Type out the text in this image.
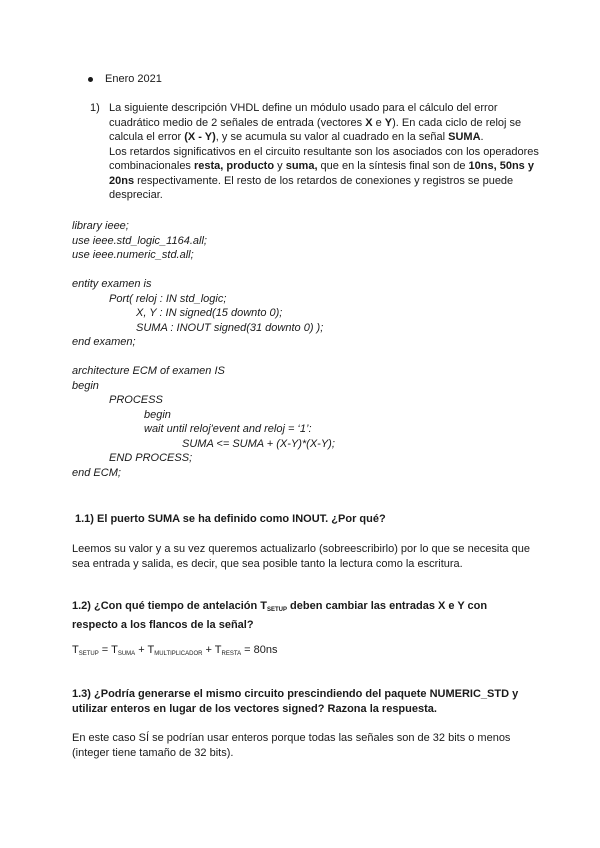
Enero 2021
1) La siguiente descripción VHDL define un módulo usado para el cálculo del error cuadrático medio de 2 señales de entrada (vectores X e Y). En cada ciclo de reloj se calcula el error (X - Y), y se acumula su valor al cuadrado en la señal SUMA.
Los retardos significativos en el circuito resultante son los asociados con los operadores combinacionales resta, producto y suma, que en la síntesis final son de 10ns, 50ns y 20ns respectivamente. El resto de los retardos de conexiones y registros se puede despreciar.
library ieee;
use ieee.std_logic_1164.all;
use ieee.numeric_std.all;
entity examen is
Port( reloj : IN std_logic;
X, Y : IN signed(15 downto 0);
SUMA : INOUT signed(31 downto 0) );
end examen;
architecture ECM of examen IS
begin
PROCESS
begin
wait until reloj'event and reloj = ‘1’:
SUMA <= SUMA + (X-Y)*(X-Y);
END PROCESS;
end ECM;
1.1) El puerto SUMA se ha definido como INOUT. ¿Por qué?
Leemos su valor y a su vez queremos actualizarlo (sobreescribirlo) por lo que se necesita que sea entrada y salida, es decir, que sea posible tanto la lectura como la escritura.
1.2) ¿Con qué tiempo de antelación $T_{SETUP}$ deben cambiar las entradas X e Y con respecto a los flancos de la señal?
$T_{SETUP} = T_{SUMA} + T_{MULTIPLICADOR} + T_{RESTA} = 80ns$
1.3) ¿Podría generarse el mismo circuito prescindiendo del paquete NUMERIC_STD y utilizar enteros en lugar de los vectores signed? Razona la respuesta.
En este caso SÍ se podrían usar enteros porque todas las señales son de 32 bits o menos (integer tiene tamaño de 32 bits).
